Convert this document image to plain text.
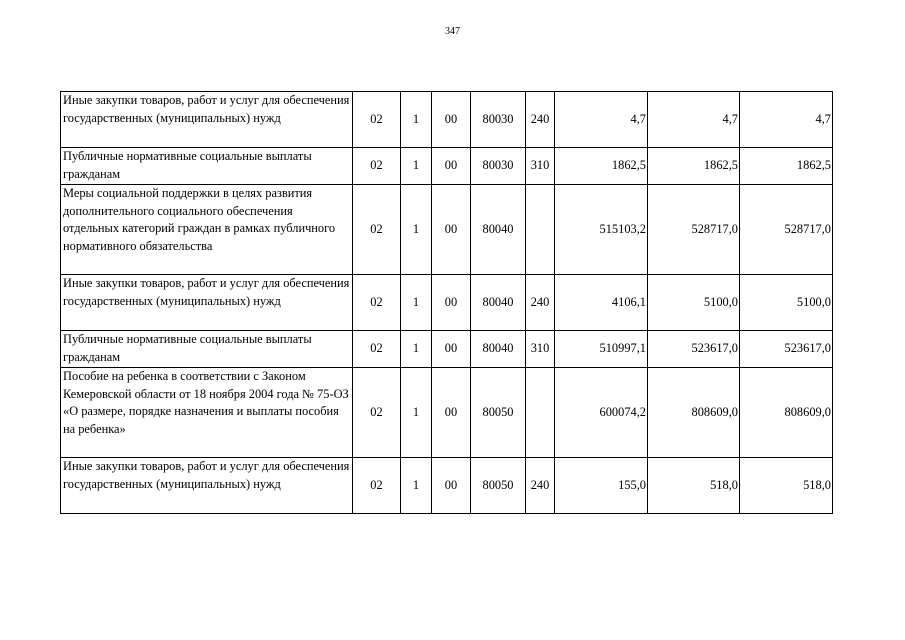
347
Иные закупки товаров, работ и услуг для обеспечения государственных (муниципальных) нужд	02	1	00	80030	240	4,7	4,7	4,7
Публичные нормативные социальные выплаты гражданам	02	1	00	80030	310	1862,5	1862,5	1862,5
Меры социальной поддержки в целях развития дополнительного социального обеспечения отдельных категорий граждан в рамках публичного нормативного обязательства	02	1	00	80040		515103,2	528717,0	528717,0
Иные закупки товаров, работ и услуг для обеспечения государственных (муниципальных) нужд	02	1	00	80040	240	4106,1	5100,0	5100,0
Публичные нормативные социальные выплаты гражданам	02	1	00	80040	310	510997,1	523617,0	523617,0
Пособие на ребенка в соответствии с Законом Кемеровской области от 18 ноября 2004 года № 75-ОЗ «О размере, порядке назначения и выплаты пособия на ребенка»	02	1	00	80050		600074,2	808609,0	808609,0
Иные закупки товаров, работ и услуг для обеспечения государственных (муниципальных) нужд	02	1	00	80050	240	155,0	518,0	518,0
